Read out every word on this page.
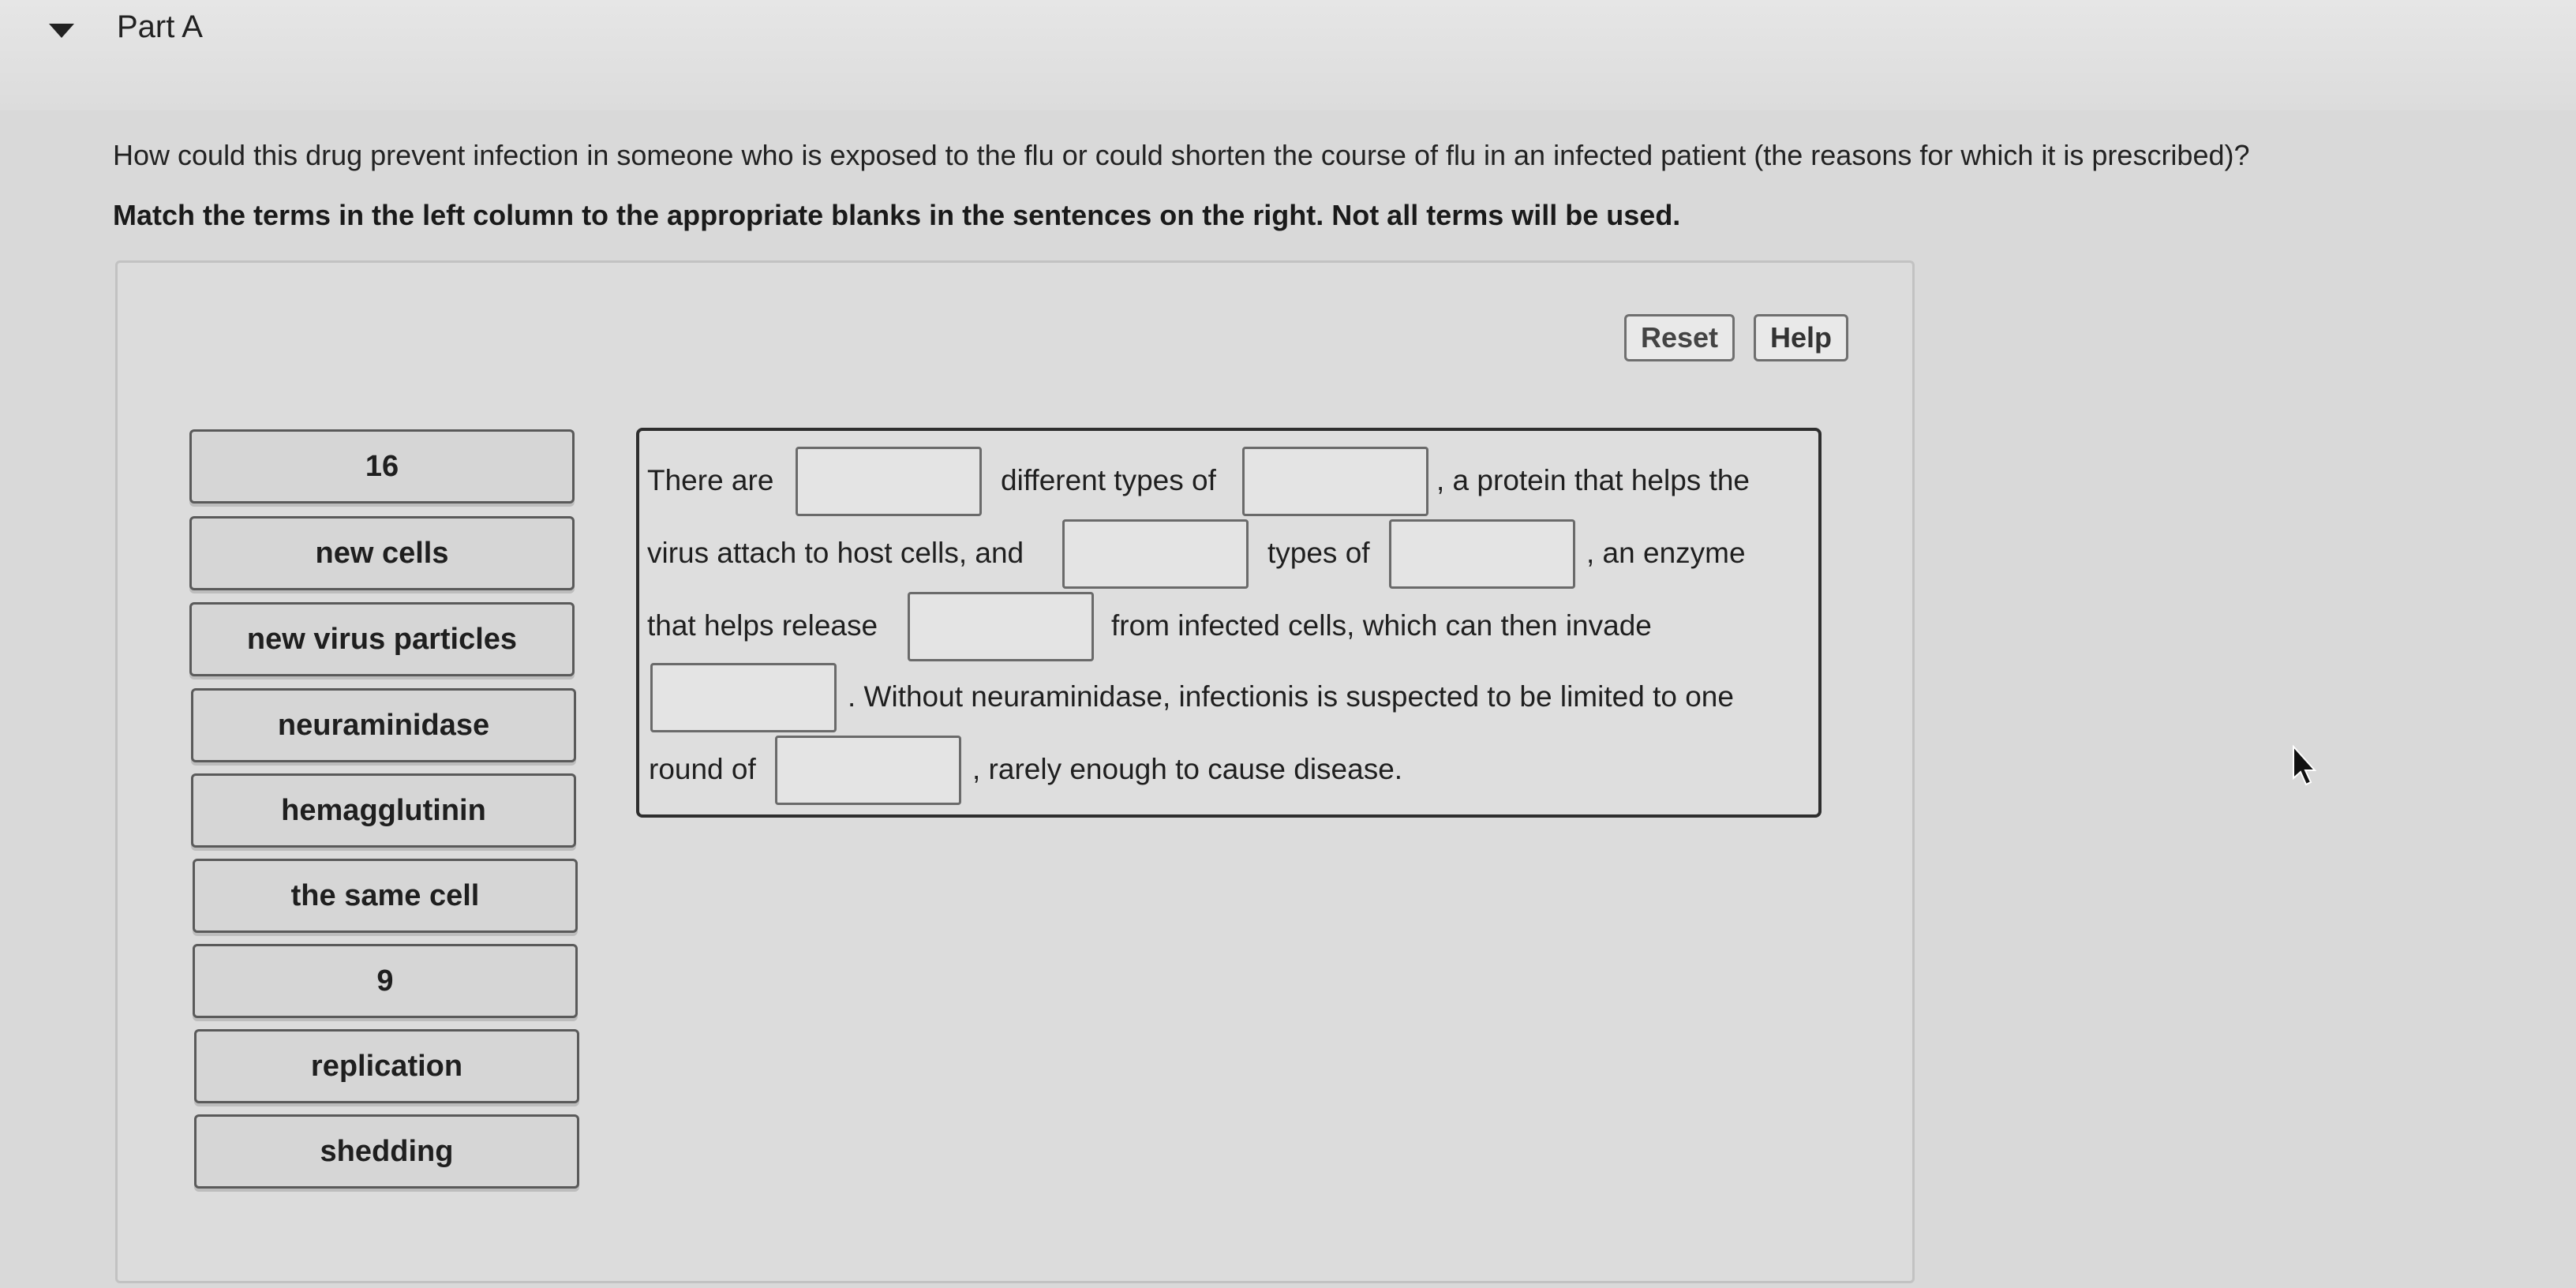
Part A
How could this drug prevent infection in someone who is exposed to the flu or could shorten the course of flu in an infected patient (the reasons for which it is prescribed)?
Match the terms in the left column to the appropriate blanks in the sentences on the right. Not all terms will be used.
Reset	Help
16
new cells
new virus particles
neuraminidase
hemagglutinin
the same cell
9
replication
shedding
There are	different types of	, a protein that helps the
virus attach to host cells, and	types of	, an enzyme
that helps release	from infected cells, which can then invade
. Without neuraminidase, infectionis is suspected to be limited to one
round of	, rarely enough to cause disease.
